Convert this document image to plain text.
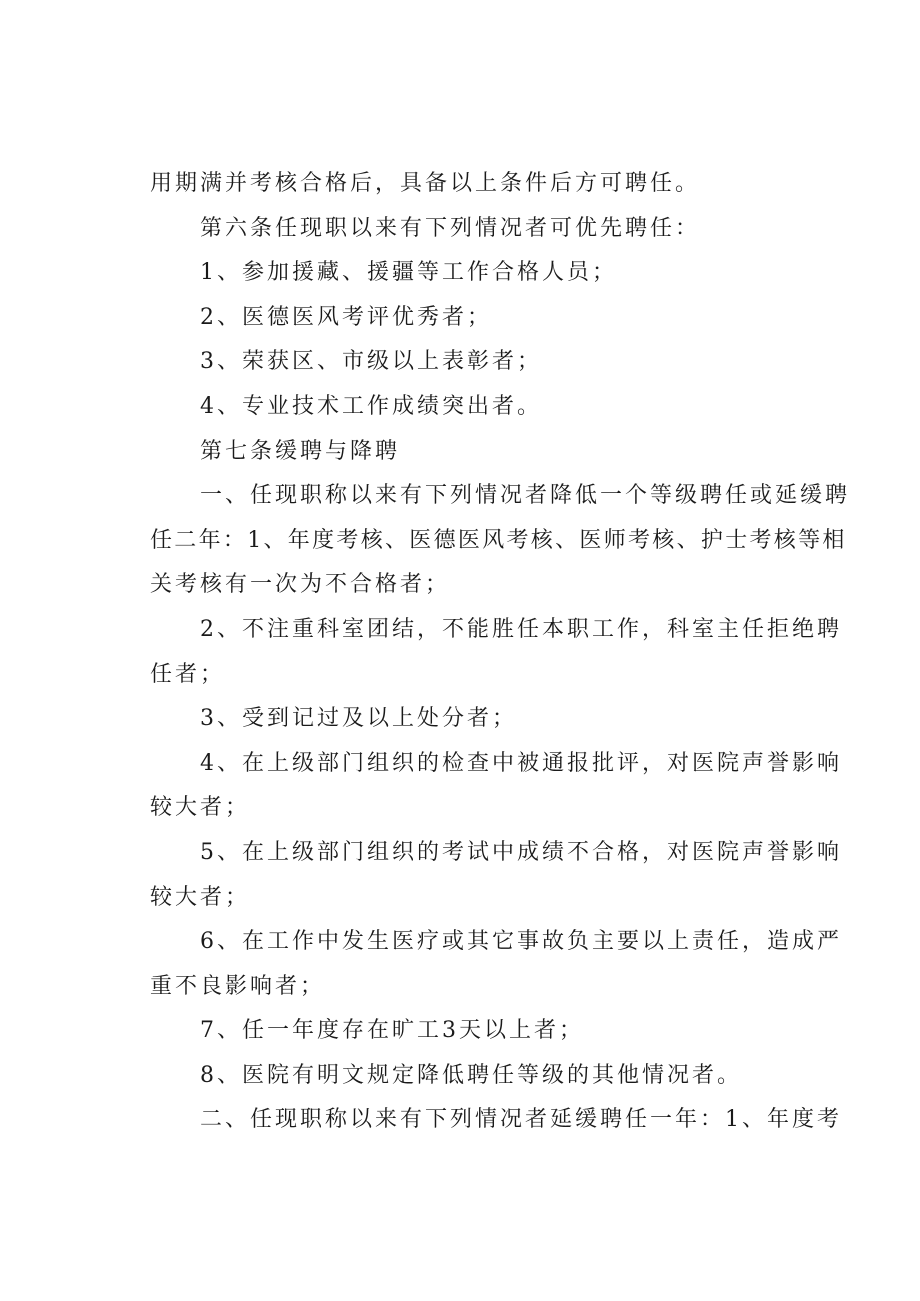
用期满并考核合格后，具备以上条件后方可聘任。
第六条任现职以来有下列情况者可优先聘任：
1、参加援藏、援疆等工作合格人员；
2、医德医风考评优秀者；
3、荣获区、市级以上表彰者；
4、专业技术工作成绩突出者。
第七条缓聘与降聘
一、任现职称以来有下列情况者降低一个等级聘任或延缓聘
任二年：1、年度考核、医德医风考核、医师考核、护士考核等相
关考核有一次为不合格者；
2、不注重科室团结，不能胜任本职工作，科室主任拒绝聘
任者；
3、受到记过及以上处分者；
4、在上级部门组织的检查中被通报批评，对医院声誉影响
较大者；
5、在上级部门组织的考试中成绩不合格，对医院声誉影响
较大者；
6、在工作中发生医疗或其它事故负主要以上责任，造成严
重不良影响者；
7、任一年度存在旷工3天以上者；
8、医院有明文规定降低聘任等级的其他情况者。
二、任现职称以来有下列情况者延缓聘任一年：1、年度考
